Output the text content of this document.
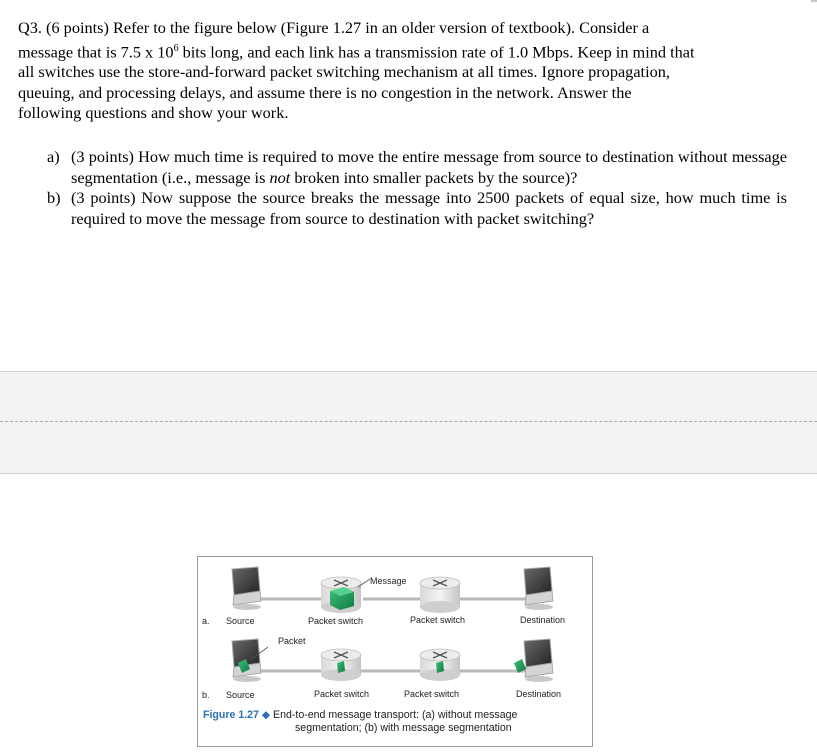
Q3. (6 points) Refer to the figure below (Figure 1.27 in an older version of textbook). Consider a
message that is 7.5 x $10^6$ bits long, and each link has a transmission rate of 1.0 Mbps. Keep in mind that
all switches use the store-and-forward packet switching mechanism at all times. Ignore propagation,
queuing, and processing delays, and assume there is no congestion in the network. Answer the
following questions and show your work.
a) (3 points) How much time is required to move the entire message from source to destination without message segmentation (i.e., message is not broken into smaller packets by the source)?
b) (3 points) Now suppose the source breaks the message into 2500 packets of equal size, how much time is required to move the message from source to destination with packet switching?
a. Source	Packet switch	Packet switch	Destination
Message
Packet
b. Source	Packet switch	Packet switch	Destination
Figure 1.27 ◆ End-to-end message transport: (a) without message
segmentation; (b) with message segmentation
